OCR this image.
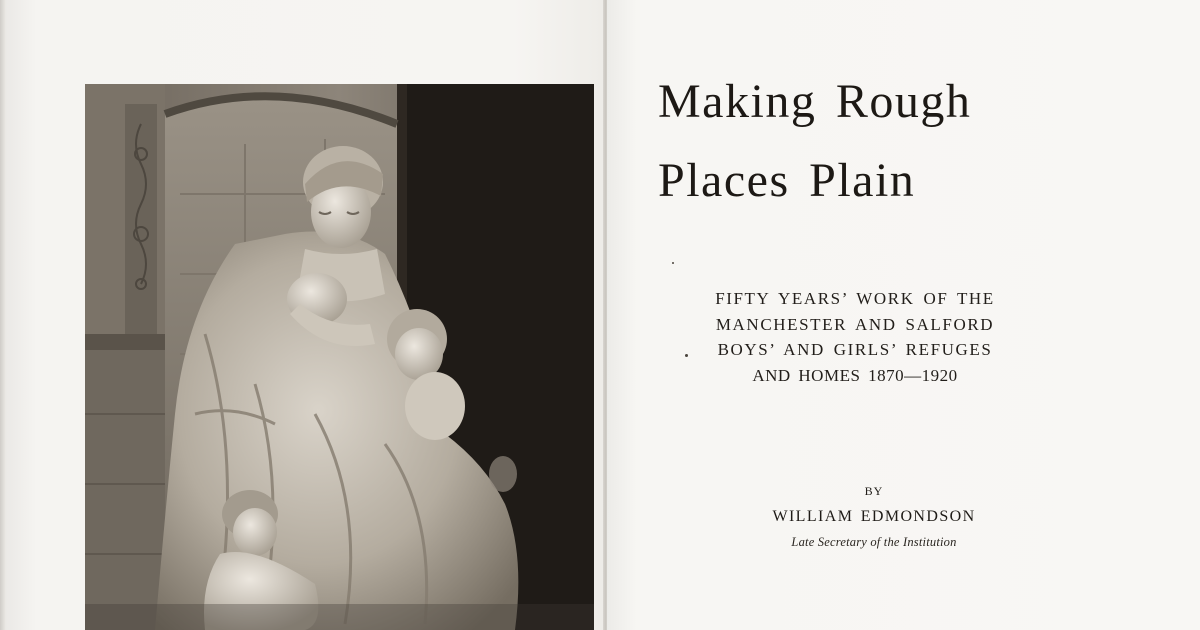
Making Rough
Places Plain
FIFTY YEARS’ WORK OF THE
MANCHESTER AND SALFORD
BOYS’ AND GIRLS’ REFUGES
AND HOMES 1870—1920
BY
WILLIAM EDMONDSON
Late Secretary of the Institution
